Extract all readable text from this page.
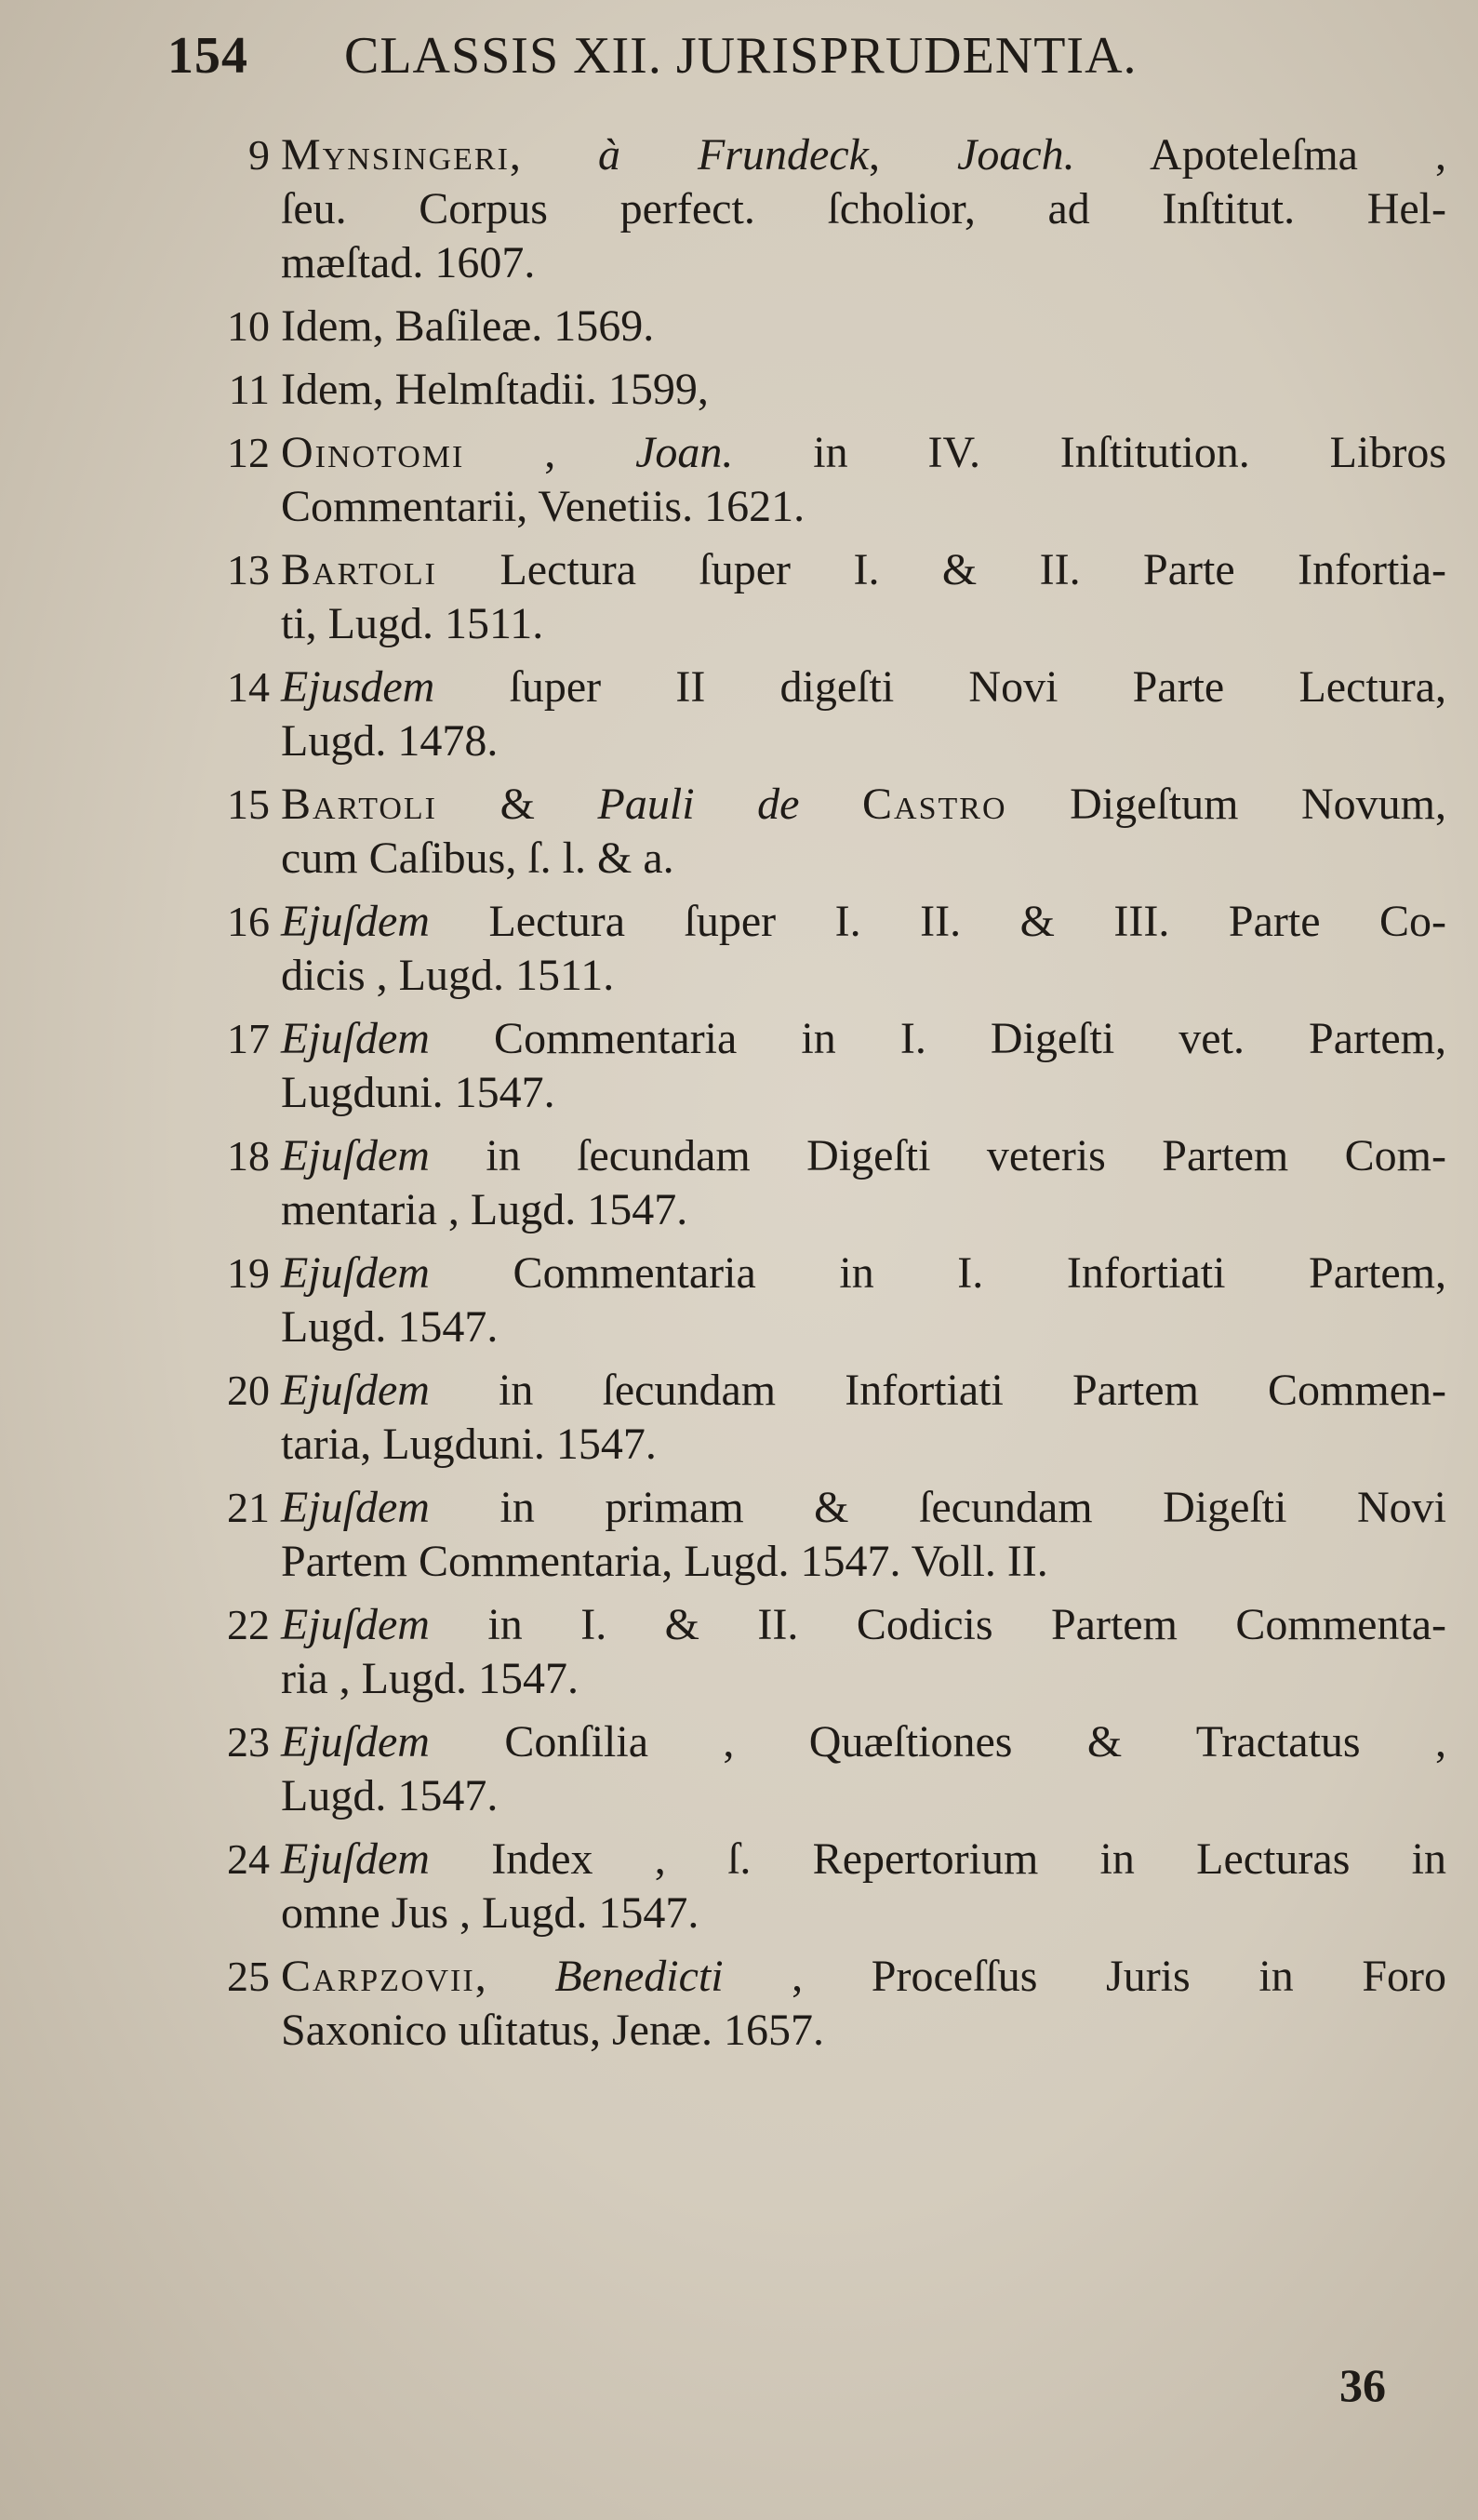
154 CLASSIS XII. JURISPRUDENTIA.
9 Mynsingeri, à Frundeck, Joach. Apoteleſma ,
ſeu. Corpus perfect. ſcholior, ad Inſtitut. Hel-
mæſtad. 1607.
10 Idem, Baſileæ. 1569.
11 Idem, Helmſtadii. 1599,
12 Oinotomi , Joan. in IV. Inſtitution. Libros
Commentarii, Venetiis. 1621.
13 Bartoli Lectura ſuper I. & II. Parte Infortia-
ti, Lugd. 1511.
14 Ejusdem ſuper II digeſti Novi Parte Lectura,
Lugd. 1478.
15 Bartoli & Pauli de Castro Digeſtum Novum,
cum Caſibus, ſ. l. & a.
16 Ejuſdem Lectura ſuper I. II. & III. Parte Co-
dicis , Lugd. 1511.
17 Ejuſdem Commentaria in I. Digeſti vet. Partem,
Lugduni. 1547.
18 Ejuſdem in ſecundam Digeſti veteris Partem Com-
mentaria , Lugd. 1547.
19 Ejuſdem Commentaria in I. Infortiati Partem,
Lugd. 1547.
20 Ejuſdem in ſecundam Infortiati Partem Commen-
taria, Lugduni. 1547.
21 Ejuſdem in primam & ſecundam Digeſti Novi
Partem Commentaria, Lugd. 1547. Voll. II.
22 Ejuſdem in I. & II. Codicis Partem Commenta-
ria , Lugd. 1547.
23 Ejuſdem Conſilia , Quæſtiones & Tractatus ,
Lugd. 1547.
24 Ejuſdem Index , ſ. Repertorium in Lecturas in
omne Jus , Lugd. 1547.
25 Carpzovii, Benedicti , Proceſſus Juris in Foro
Saxonico uſitatus, Jenæ. 1657.
36
